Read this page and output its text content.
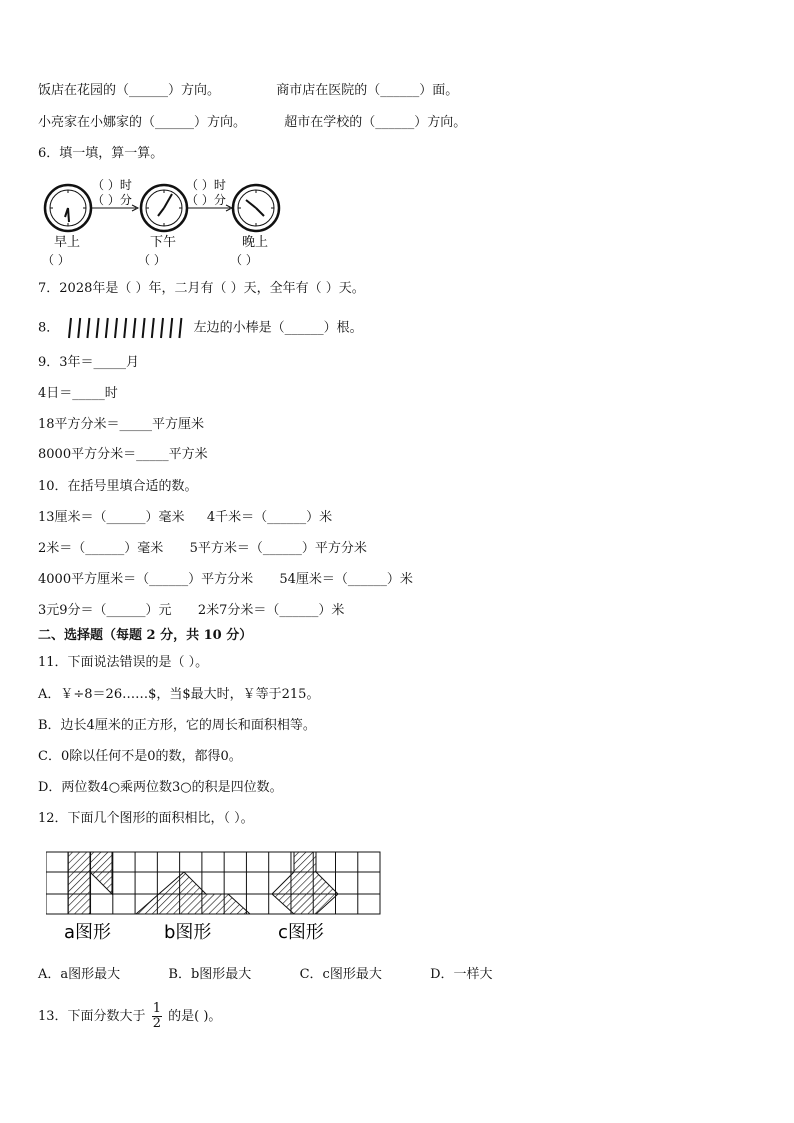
饭店在花园的（______）方向。	商市店在医院的（______）面。
小亮家在小娜家的（______）方向。	超市在学校的（______）方向。
6．填一填，算一算。
（ ）时
（ ）分
（ ）时
（ ）分
早上	下午	晚上
（ ）	（ ）	（ ）
7．2028年是（ ）年，二月有（ ）天，全年有（ ）天。
8．	左边的小棒是（______）根。
9．3年＝_____月
4日＝_____时
18平方分米＝_____平方厘米
8000平方分米＝_____平方米
10．在括号里填合适的数。
13厘米＝（______）毫米 4千米＝（______）米
2米＝（______）毫米 5平方米＝（______）平方分米
4000平方厘米＝（______）平方分米 54厘米＝（______）米
3元9分＝（______）元 2米7分米＝（______）米
二、选择题（每题 2 分，共 10 分）
11．下面说法错误的是（ ）。
A．￥÷8＝26……$，当$最大时，￥等于215。
B．边长4厘米的正方形，它的周长和面积相等。
C．0除以任何不是0的数，都得0。
D．两位数4○乘两位数3○的积是四位数。
12．下面几个图形的面积相比，（ ）。
a图形	b图形	c图形
A．a图形最大	B．b图形最大	C．c图形最大	D．一样大
13．下面分数大于 $\frac{1}{2}$ 的是( )。
